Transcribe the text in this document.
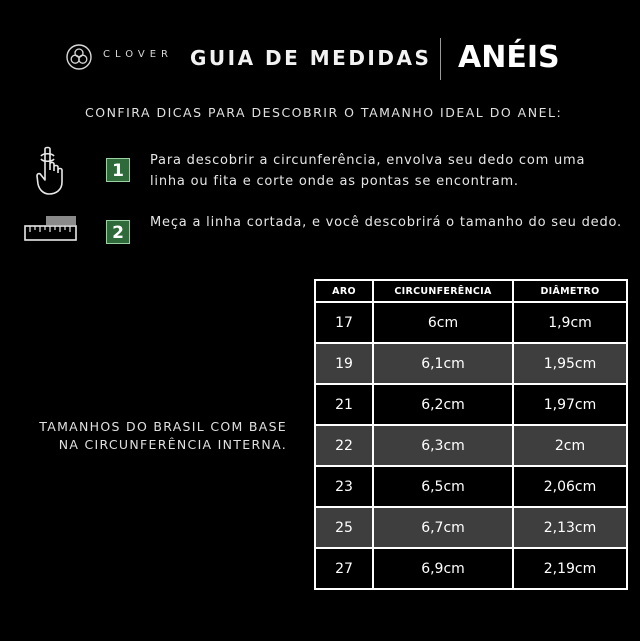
CLOVER GUIA DE MEDIDAS ANÉIS
CONFIRA DICAS PARA DESCOBRIR O TAMANHO IDEAL DO ANEL:
1
Para descobrir a circunferência, envolva seu dedo com uma
linha ou fita e corte onde as pontas se encontram.
2
Meça a linha cortada, e você descobrirá o tamanho do seu dedo.
TAMANHOS DO BRASIL COM BASE
NA CIRCUNFERÊNCIA INTERNA.
ARO	CIRCUNFERÊNCIA	DIÂMETRO
17	6cm	1,9cm
19	6,1cm	1,95cm
21	6,2cm	1,97cm
22	6,3cm	2cm
23	6,5cm	2,06cm
25	6,7cm	2,13cm
27	6,9cm	2,19cm
